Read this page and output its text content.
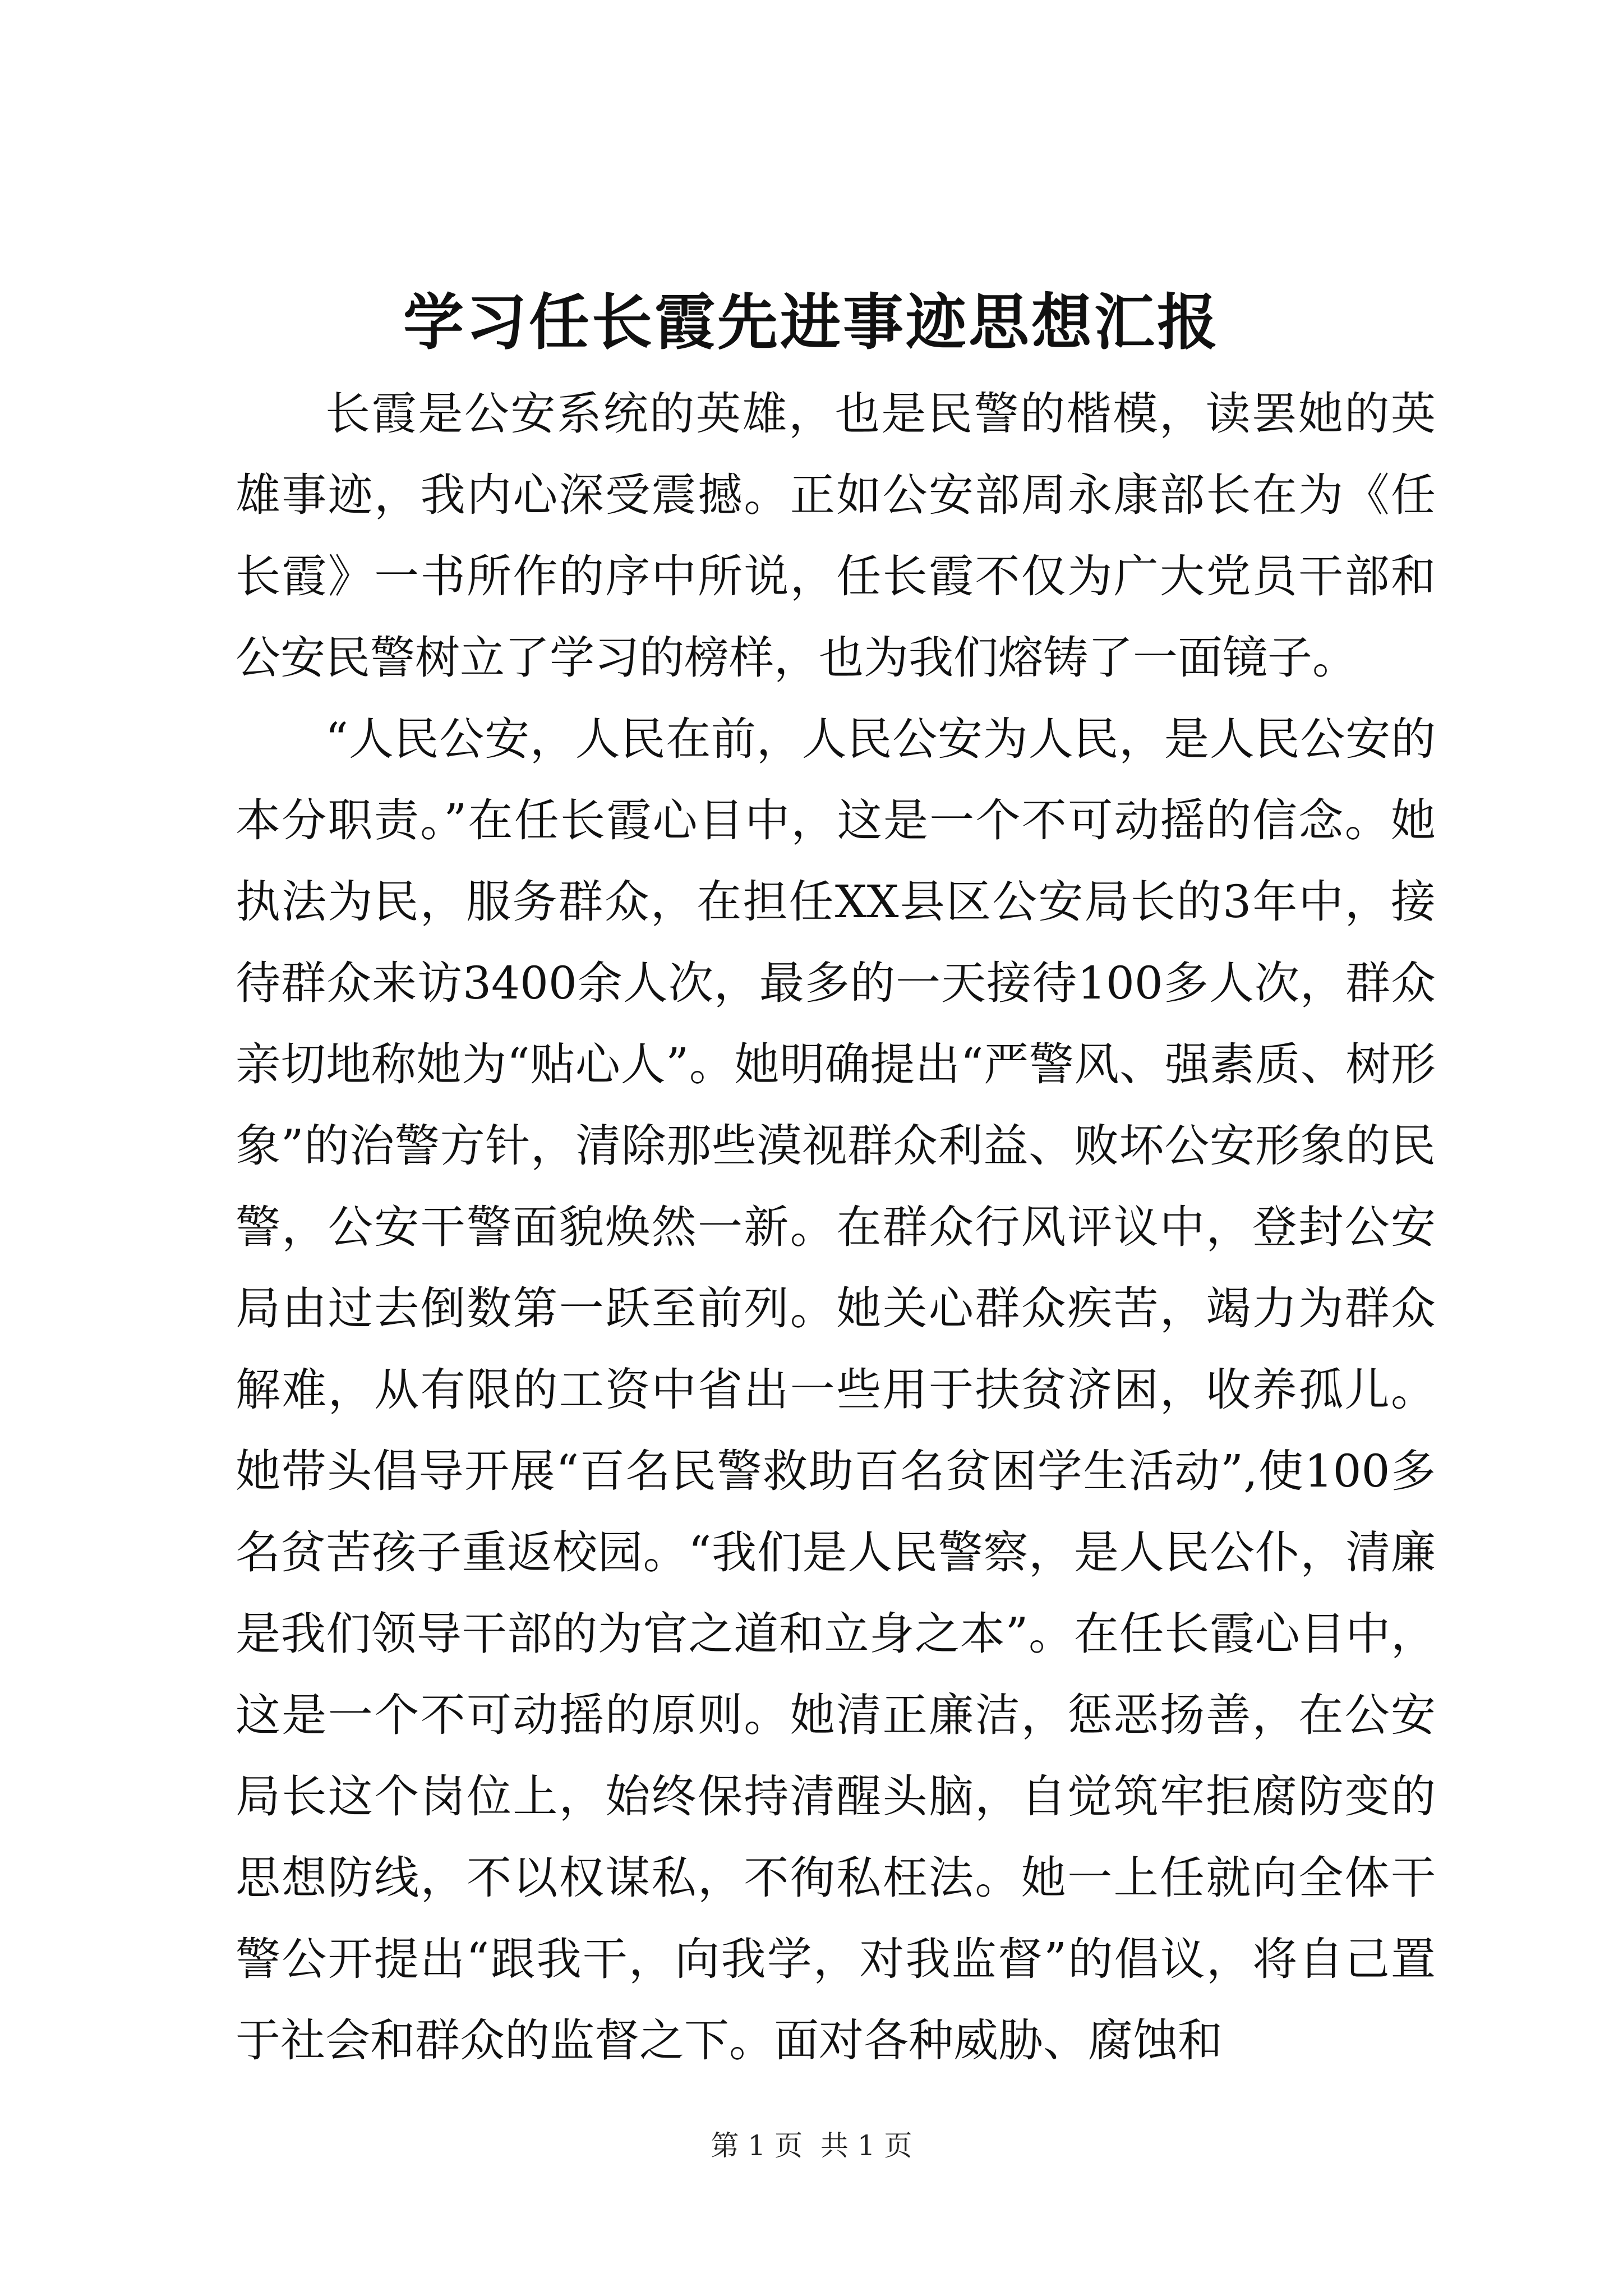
学习任长霞先进事迹思想汇报

长霞是公安系统的英雄，也是民警的楷模，读罢她的英雄事迹，我内心深受震撼。正如公安部周永康部长在为《任长霞》一书所作的序中所说，任长霞不仅为广大党员干部和公安民警树立了学习的榜样，也为我们熔铸了一面镜子。

“人民公安，人民在前，人民公安为人民，是人民公安的本分职责。”在任长霞心目中，这是一个不可动摇的信念。她执法为民，服务群众，在担任XX县区公安局长的3年中，接待群众来访3400余人次，最多的一天接待100多人次，群众亲切地称她为“贴心人”。她明确提出“严警风、强素质、树形象”的治警方针，清除那些漠视群众利益、败坏公安形象的民警，公安干警面貌焕然一新。在群众行风评议中，登封公安局由过去倒数第一跃至前列。她关心群众疾苦，竭力为群众解难，从有限的工资中省出一些用于扶贫济困，收养孤儿。她带头倡导开展“百名民警救助百名贫困学生活动”,使100多名贫苦孩子重返校园。“我们是人民警察，是人民公仆，清廉是我们领导干部的为官之道和立身之本”。在任长霞心目中，这是一个不可动摇的原则。她清正廉洁，惩恶扬善，在公安局长这个岗位上，始终保持清醒头脑，自觉筑牢拒腐防变的思想防线，不以权谋私，不徇私枉法。她一上任就向全体干警公开提出“跟我干，向我学，对我监督”的倡议，将自己置于社会和群众的监督之下。面对各种威胁、腐蚀和

第 1 页  共 1 页
